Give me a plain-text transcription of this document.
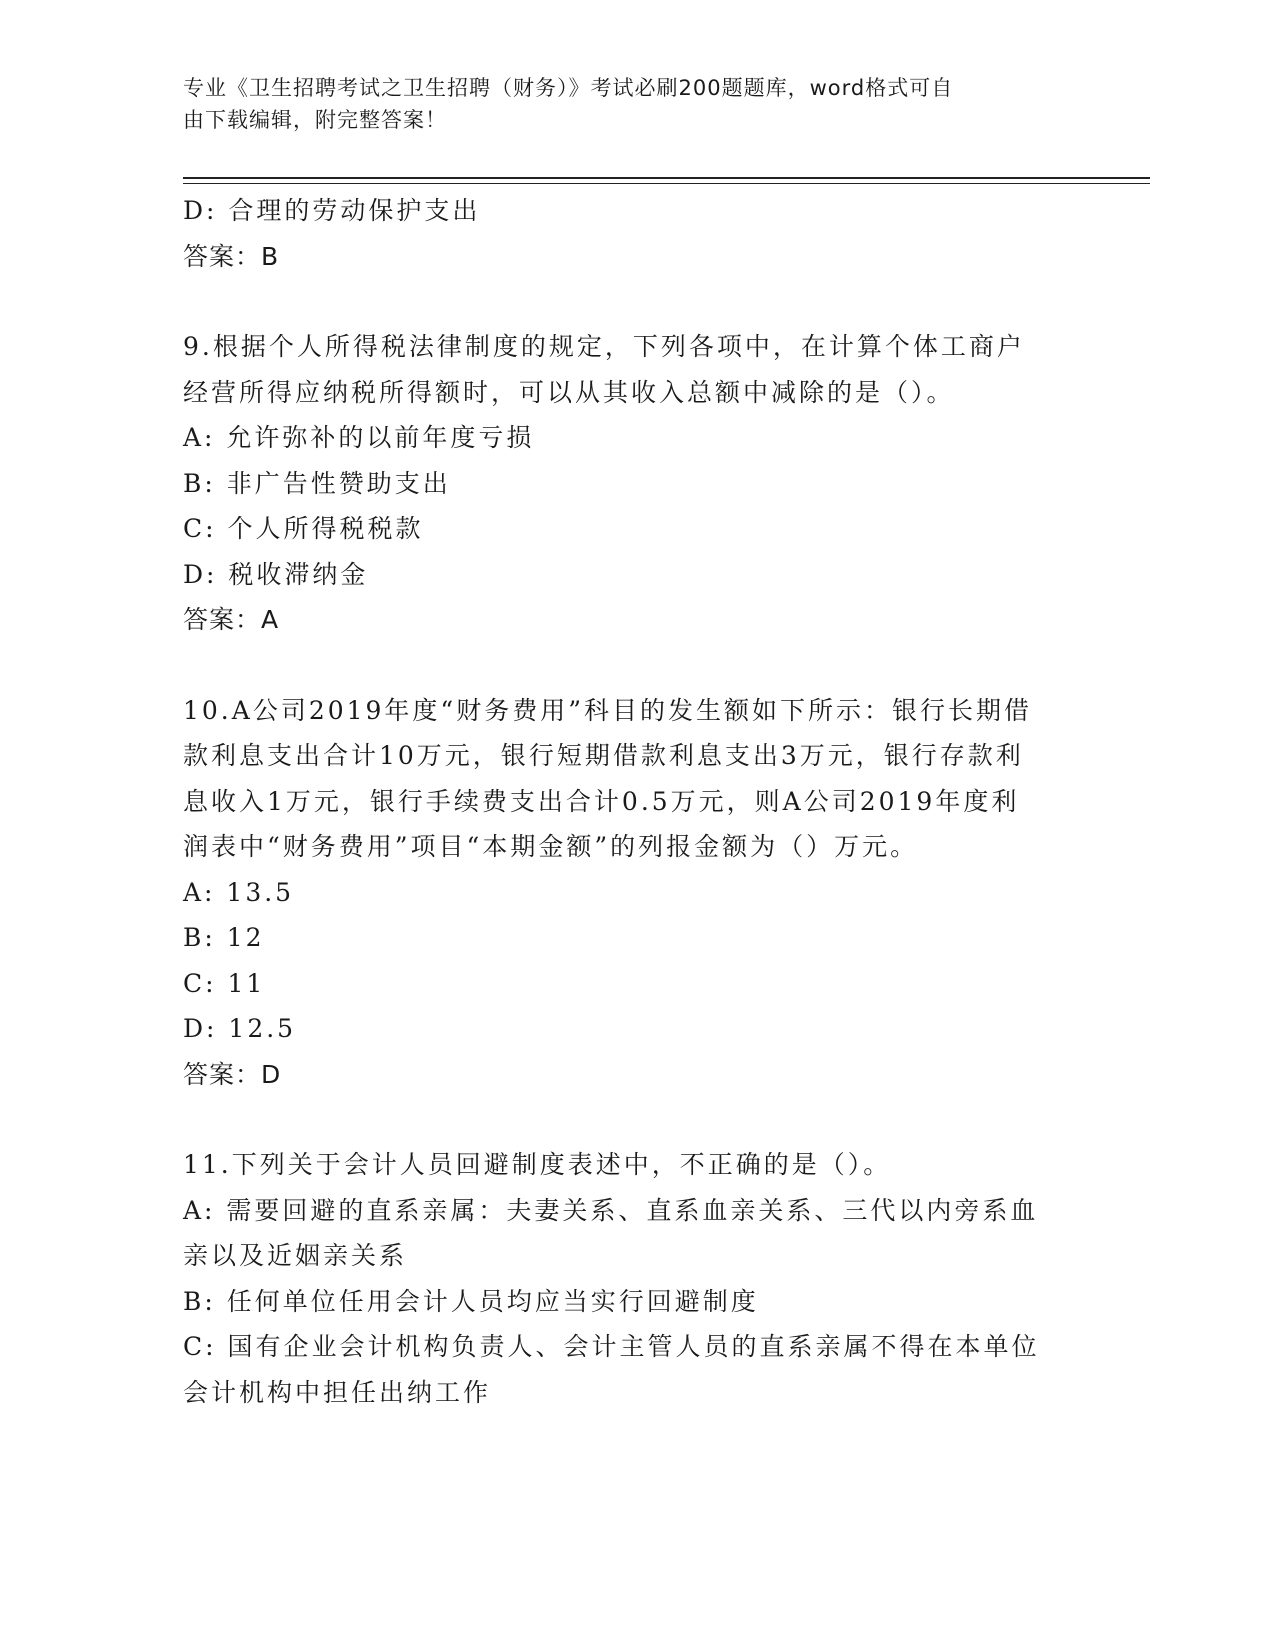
专业《卫生招聘考试之卫生招聘（财务）》考试必刷200题题库，word格式可自
由下载编辑，附完整答案！

D: 合理的劳动保护支出

答案：B

9.根据个人所得税法律制度的规定，下列各项中，在计算个体工商户

经营所得应纳税所得额时，可以从其收入总额中减除的是（）。

A: 允许弥补的以前年度亏损

B: 非广告性赞助支出

C: 个人所得税税款

D: 税收滞纳金

答案：A

10.A公司2019年度“财务费用”科目的发生额如下所示：银行长期借

款利息支出合计10万元，银行短期借款利息支出3万元，银行存款利

息收入1万元，银行手续费支出合计0.5万元，则A公司2019年度利

润表中“财务费用”项目“本期金额”的列报金额为（）万元。

A: 13.5

B: 12

C: 11

D: 12.5

答案：D

11.下列关于会计人员回避制度表述中，不正确的是（）。

A: 需要回避的直系亲属：夫妻关系、直系血亲关系、三代以内旁系血

亲以及近姻亲关系

B: 任何单位任用会计人员均应当实行回避制度

C: 国有企业会计机构负责人、会计主管人员的直系亲属不得在本单位

会计机构中担任出纳工作
